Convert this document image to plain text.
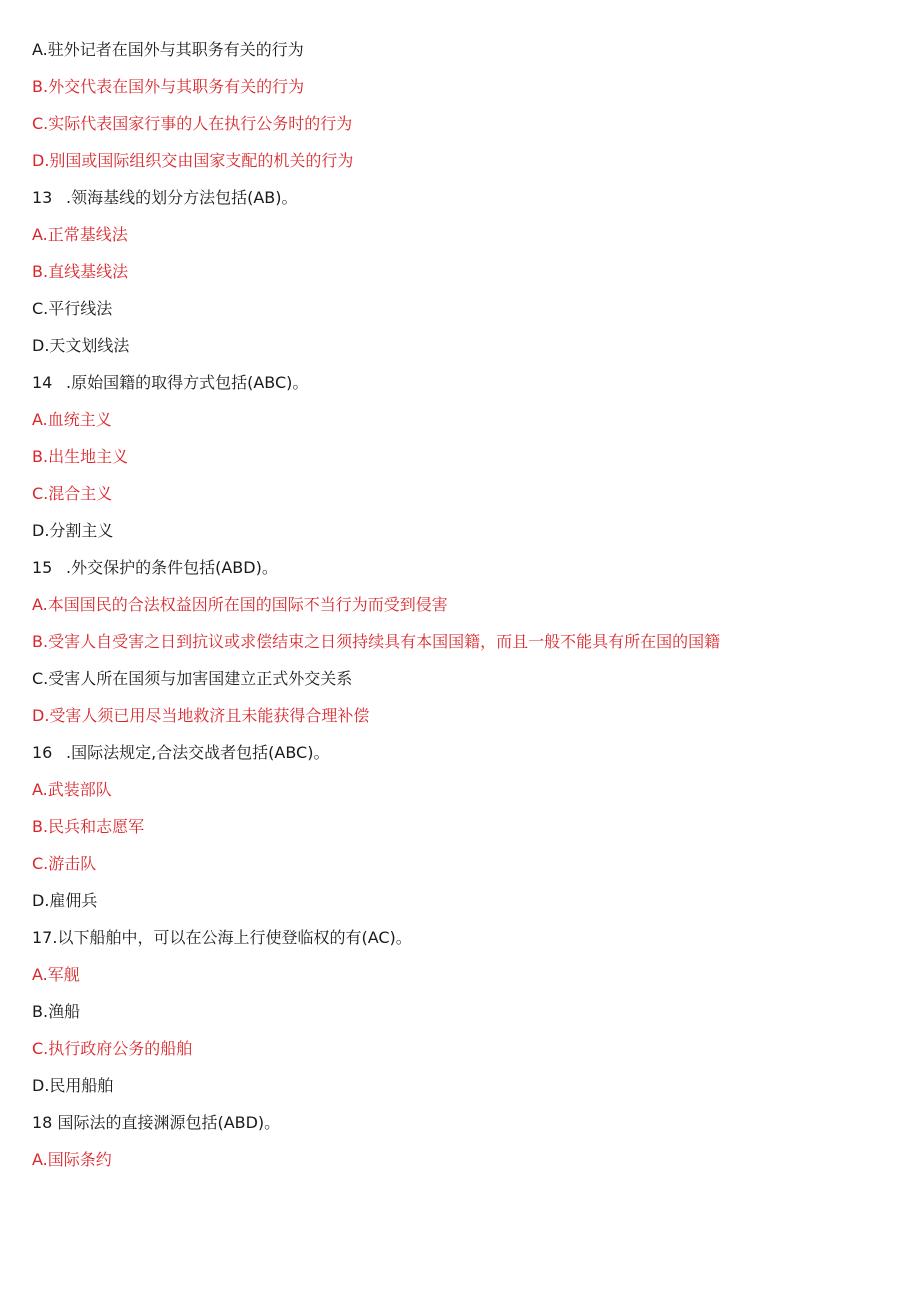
A.驻外记者在国外与其职务有关的行为
B.外交代表在国外与其职务有关的行为
C.实际代表国家行事的人在执行公务时的行为
D.别国或国际组织交由国家支配的机关的行为
13 .领海基线的划分方法包括(AB)。
A.正常基线法
B.直线基线法
C.平行线法
D.天文划线法
14 .原始国籍的取得方式包括(ABC)。
A.血统主义
B.出生地主义
C.混合主义
D.分割主义
15 .外交保护的条件包括(ABD)。
A.本国国民的合法权益因所在国的国际不当行为而受到侵害
B.受害人自受害之日到抗议或求偿结束之日须持续具有本国国籍，而且一般不能具有所在国的国籍
C.受害人所在国须与加害国建立正式外交关系
D.受害人须已用尽当地救济且未能获得合理补偿
16 .国际法规定,合法交战者包括(ABC)。
A.武装部队
B.民兵和志愿军
C.游击队
D.雇佣兵
17.以下船舶中，可以在公海上行使登临权的有(AC)。
A.军舰
B.渔船
C.执行政府公务的船舶
D.民用船舶
18 国际法的直接渊源包括(ABD)。
A.国际条约
